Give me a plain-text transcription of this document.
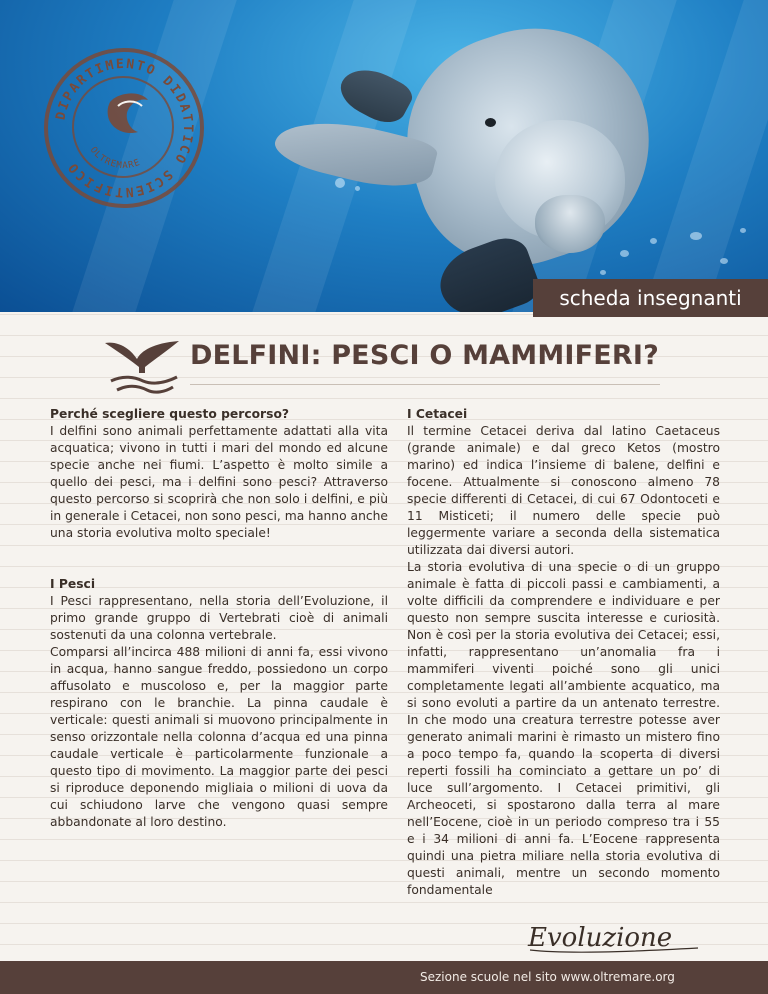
DIPARTIMENTO DIDATTICO SCIENTIFICO
OLTREMARE
scheda insegnanti
DELFINI: PESCI O MAMMIFERI?
Perché scegliere questo percorso?

I delfini sono animali perfettamente adattati alla vita acquatica; vivono in tutti i mari del mondo ed alcune specie anche nei fiumi. L’aspetto è molto simile a quello dei pesci, ma i delfini sono pesci? Attraverso questo percorso si scoprirà che non solo i delfini, e più in generale i Cetacei, non sono pesci, ma hanno anche una storia evolutiva molto speciale!

I Pesci

I Pesci rappresentano, nella storia dell’Evoluzione, il primo grande gruppo di Vertebrati cioè di animali sostenuti da una colonna vertebrale.

Comparsi all’incirca 488 milioni di anni fa, essi vivono in acqua, hanno sangue freddo, possiedono un corpo affusolato e muscoloso e, per la maggior parte respirano con le branchie. La pinna caudale è verticale: questi animali si muovono principalmente in senso orizzontale nella colonna d’acqua ed una pinna caudale verticale è particolarmente funzionale a questo tipo di movimento. La maggior parte dei pesci si riproduce deponendo migliaia o milioni di uova da cui schiudono larve che vengono quasi sempre abbandonate al loro destino.

I Cetacei

Il termine Cetacei deriva dal latino Caetaceus (grande animale) e dal greco Ketos (mostro marino) ed indica l’insieme di balene, delfini e focene. Attualmente si conoscono almeno 78 specie differenti di Cetacei, di cui 67 Odontoceti e 11 Misticeti; il numero delle specie può leggermente variare a seconda della sistematica utilizzata dai diversi autori.

La storia evolutiva di una specie o di un gruppo animale è fatta di piccoli passi e cambiamenti, a volte difficili da comprendere e individuare e per questo non sempre suscita interesse e curiosità. Non è così per la storia evolutiva dei Cetacei; essi, infatti, rappresentano un’anomalia fra i mammiferi viventi poiché sono gli unici completamente legati all’ambiente acquatico, ma si sono evoluti a partire da un antenato terrestre. In che modo una creatura terrestre potesse aver generato animali marini è rimasto un mistero fino a poco tempo fa, quando la scoperta di diversi reperti fossili ha cominciato a gettare un po’ di luce sull’argomento. I Cetacei primitivi, gli Archeoceti, si spostarono dalla terra al mare nell’Eocene, cioè in un periodo compreso tra i 55 e i 34 milioni di anni fa. L’Eocene rappresenta quindi una pietra miliare nella storia evolutiva di questi animali, mentre un secondo momento fondamentale

Evoluzione
Sezione scuole nel sito www.oltremare.org
